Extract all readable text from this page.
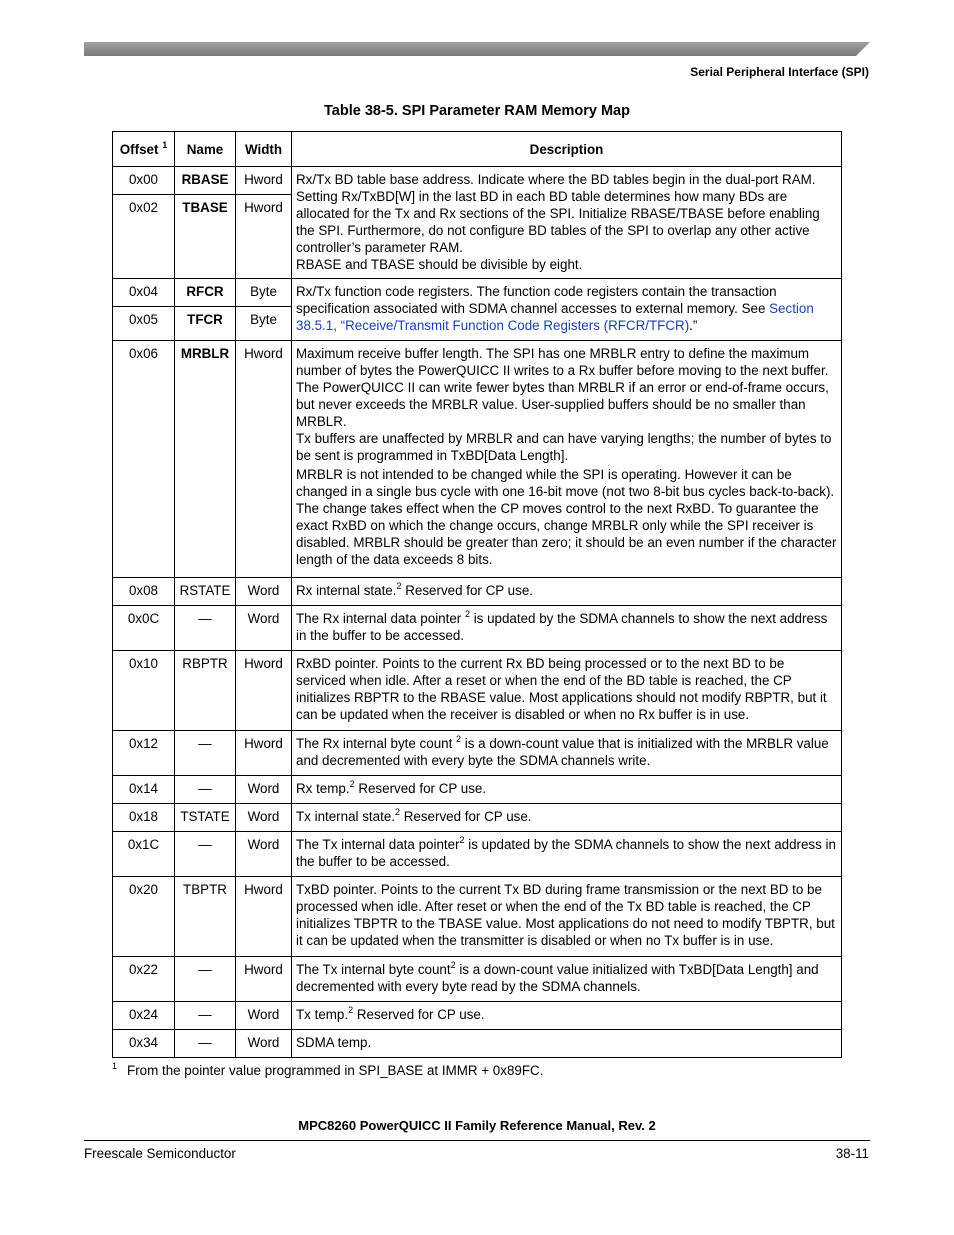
Serial Peripheral Interface (SPI)
Table 38-5. SPI Parameter RAM Memory Map
Offset $^1$	Name	Width	Description
0x00	RBASE	Hword	Rx/Tx BD table base address. Indicate where the BD tables begin in the dual-port RAM. Setting Rx/TxBD[W] in the last BD in each BD table determines how many BDs are allocated for the Tx and Rx sections of the SPI. Initialize RBASE/TBASE before enabling the SPI. Furthermore, do not configure BD tables of the SPI to overlap any other active controller’s parameter RAM.

RBASE and TBASE should be divisible by eight.

0x02	TBASE	Hword	
0x04	RFCR	Byte	Rx/Tx function code registers. The function code registers contain the transaction specification associated with SDMA channel accesses to external memory. See Section 38.5.1, “Receive/Transmit Function Code Registers (RFCR/TFCR).”
0x05	TFCR	Byte	
0x06	MRBLR	Hword	Maximum receive buffer length. The SPI has one MRBLR entry to define the maximum number of bytes the PowerQUICC II writes to a Rx buffer before moving to the next buffer. The PowerQUICC II can write fewer bytes than MRBLR if an error or end-of-frame occurs, but never exceeds the MRBLR value. User-supplied buffers should be no smaller than MRBLR.

Tx buffers are unaffected by MRBLR and can have varying lengths; the number of bytes to be sent is programmed in TxBD[Data Length].

MRBLR is not intended to be changed while the SPI is operating. However it can be changed in a single bus cycle with one 16-bit move (not two 8-bit bus cycles back-to-back). The change takes effect when the CP moves control to the next RxBD. To guarantee the exact RxBD on which the change occurs, change MRBLR only while the SPI receiver is disabled. MRBLR should be greater than zero; it should be an even number if the character length of the data exceeds 8 bits.

0x08	RSTATE	Word	Rx internal state.$^2$ Reserved for CP use.
0x0C	—	Word	The Rx internal data pointer $^2$ is updated by the SDMA channels to show the next address in the buffer to be accessed.
0x10	RBPTR	Hword	RxBD pointer. Points to the current Rx BD being processed or to the next BD to be serviced when idle. After a reset or when the end of the BD table is reached, the CP initializes RBPTR to the RBASE value. Most applications should not modify RBPTR, but it can be updated when the receiver is disabled or when no Rx buffer is in use.
0x12	—	Hword	The Rx internal byte count $^2$ is a down-count value that is initialized with the MRBLR value and decremented with every byte the SDMA channels write.
0x14	—	Word	Rx temp.$^2$ Reserved for CP use.
0x18	TSTATE	Word	Tx internal state.$^2$ Reserved for CP use.
0x1C	—	Word	The Tx internal data pointer$^2$ is updated by the SDMA channels to show the next address in the buffer to be accessed.
0x20	TBPTR	Hword	TxBD pointer. Points to the current Tx BD during frame transmission or the next BD to be processed when idle. After reset or when the end of the Tx BD table is reached, the CP initializes TBPTR to the TBASE value. Most applications do not need to modify TBPTR, but it can be updated when the transmitter is disabled or when no Tx buffer is in use.
0x22	—	Hword	The Tx internal byte count$^2$ is a down-count value initialized with TxBD[Data Length] and decremented with every byte read by the SDMA channels.
0x24	—	Word	Tx temp.$^2$ Reserved for CP use.
0x34	—	Word	SDMA temp.
$^1$ From the pointer value programmed in SPI_BASE at IMMR + 0x89FC.
MPC8260 PowerQUICC II Family Reference Manual, Rev. 2
Freescale Semiconductor	38-11
